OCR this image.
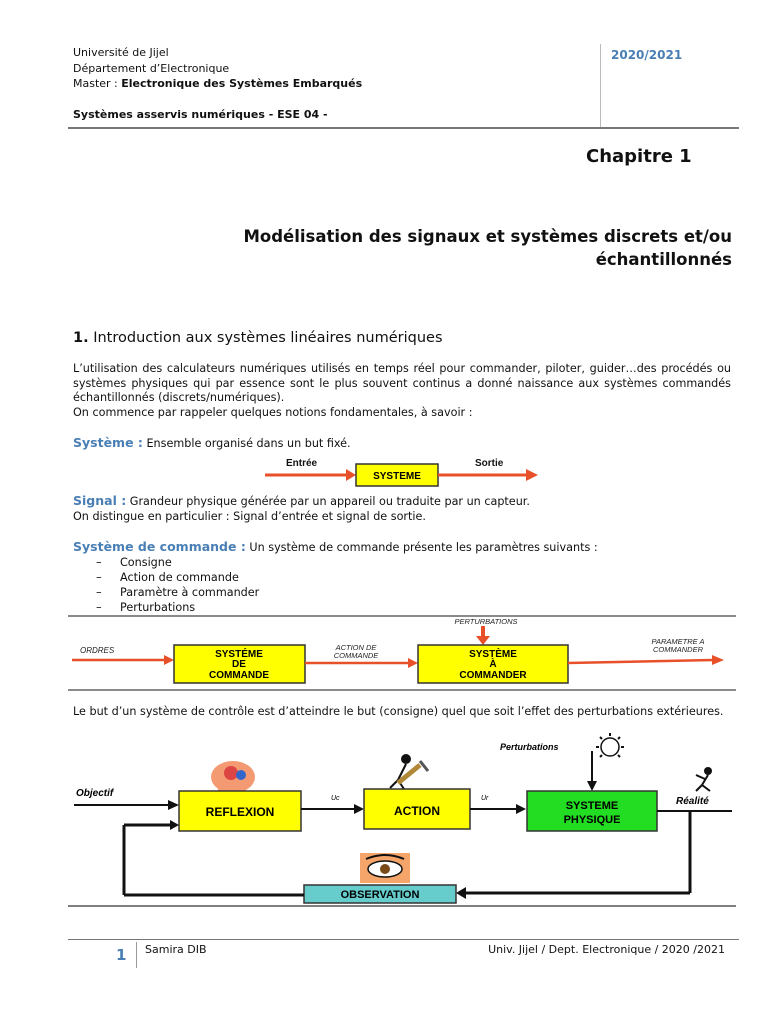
Université de Jijel
Département d’Electronique
Master : Electronique des Systèmes Embarqués
Systèmes asservis numériques - ESE 04 -
2020/2021
Chapitre 1
Modélisation des signaux et systèmes discrets et/ou
échantillonnés
1. Introduction aux systèmes linéaires numériques
L’utilisation des calculateurs numériques utilisés en temps réel pour commander, piloter, guider…des procédés ou systèmes physiques qui par essence sont le plus souvent continus a donné naissance aux systèmes commandés échantillonnés (discrets/numériques).
On commence par rappeler quelques notions fondamentales, à savoir :
Système : Ensemble organisé dans un but fixé.
Entrée
SYSTEME
Sortie
Signal : Grandeur physique générée par un appareil ou traduite par un capteur.
On distingue en particulier : Signal d’entrée et signal de sortie.
Système de commande : Un système de commande présente les paramètres suivants :
– Consigne
– Action de commande
– Paramètre à commander
– Perturbations
ORDRES	SYSTÉME
DE
COMMANDE
ACTION DE
COMMANDE
PERTURBATIONS
SYSTÈME
À
COMMANDER
PARAMETRE A
COMMANDER
Le but d’un système de contrôle est d’atteindre le but (consigne) quel que soit l’effet des perturbations extérieures.
Objectif
REFLEXION
Uc
ACTION
Ur
Perturbations
SYSTEME
PHYSIQUE
Réalité
OBSERVATION
1 Samira DIB	Univ. Jijel / Dept. Electronique / 2020 /2021
